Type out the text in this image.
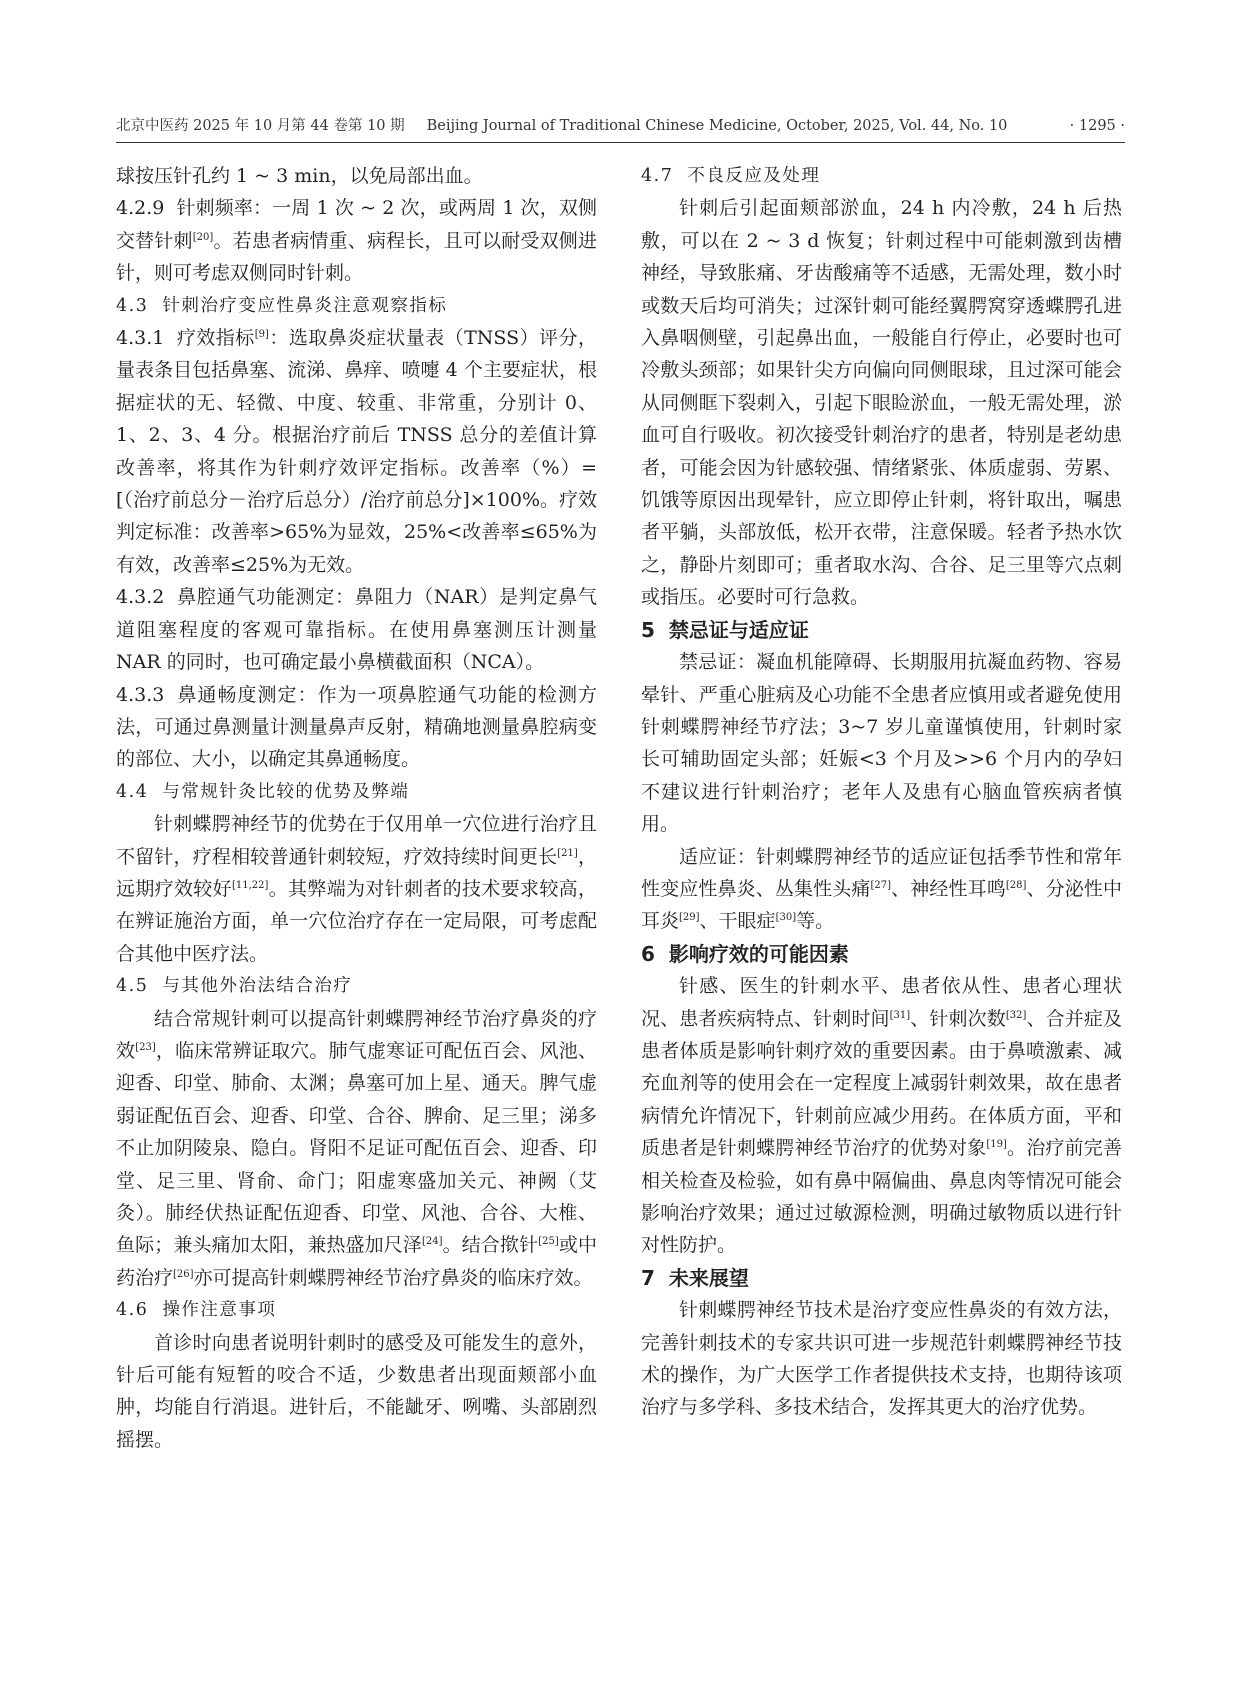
北京中医药 2025 年 10 月第 44 卷第 10 期 Beijing Journal of Traditional Chinese Medicine, October, 2025, Vol. 44, No. 10	· 1295 ·

球按压针孔约 1 ~ 3 min，以免局部出血。

4.2.9 针刺频率：一周 1 次 ~ 2 次，或两周 1 次，双侧交替针刺[20]。若患者病情重、病程长，且可以耐受双侧进针，则可考虑双侧同时针刺。

4.3 针刺治疗变应性鼻炎注意观察指标

4.3.1 疗效指标[9]：选取鼻炎症状量表（TNSS）评分，量表条目包括鼻塞、流涕、鼻痒、喷嚏 4 个主要症状，根据症状的无、轻微、中度、较重、非常重，分别计 0、1、2、3、4 分。根据治疗前后 TNSS 总分的差值计算改善率，将其作为针刺疗效评定指标。改善率（%）=[（治疗前总分－治疗后总分）/治疗前总分]×100%。疗效判定标准：改善率>65%为显效，25%<改善率≤65%为有效，改善率≤25%为无效。

4.3.2 鼻腔通气功能测定：鼻阻力（NAR）是判定鼻气道阻塞程度的客观可靠指标。在使用鼻塞测压计测量 NAR 的同时，也可确定最小鼻横截面积（NCA）。

4.3.3 鼻通畅度测定：作为一项鼻腔通气功能的检测方法，可通过鼻测量计测量鼻声反射，精确地测量鼻腔病变的部位、大小，以确定其鼻通畅度。

4.4 与常规针灸比较的优势及弊端

针刺蝶腭神经节的优势在于仅用单一穴位进行治疗且不留针，疗程相较普通针刺较短，疗效持续时间更长[21]，远期疗效较好[11,22]。其弊端为对针刺者的技术要求较高，在辨证施治方面，单一穴位治疗存在一定局限，可考虑配合其他中医疗法。

4.5 与其他外治法结合治疗

结合常规针刺可以提高针刺蝶腭神经节治疗鼻炎的疗效[23]，临床常辨证取穴。肺气虚寒证可配伍百会、风池、迎香、印堂、肺俞、太渊；鼻塞可加上星、通天。脾气虚弱证配伍百会、迎香、印堂、合谷、脾俞、足三里；涕多不止加阴陵泉、隐白。肾阳不足证可配伍百会、迎香、印堂、足三里、肾俞、命门；阳虚寒盛加关元、神阙（艾灸）。肺经伏热证配伍迎香、印堂、风池、合谷、大椎、鱼际；兼头痛加太阳，兼热盛加尺泽[24]。结合揿针[25]或中药治疗[26]亦可提高针刺蝶腭神经节治疗鼻炎的临床疗效。

4.6 操作注意事项

首诊时向患者说明针刺时的感受及可能发生的意外，针后可能有短暂的咬合不适，少数患者出现面颊部小血肿，均能自行消退。进针后，不能龇牙、咧嘴、头部剧烈摇摆。

4.7 不良反应及处理

针刺后引起面颊部淤血，24 h 内冷敷，24 h 后热敷，可以在 2 ~ 3 d 恢复；针刺过程中可能刺激到齿槽神经，导致胀痛、牙齿酸痛等不适感，无需处理，数小时或数天后均可消失；过深针刺可能经翼腭窝穿透蝶腭孔进入鼻咽侧壁，引起鼻出血，一般能自行停止，必要时也可冷敷头颈部；如果针尖方向偏向同侧眼球，且过深可能会从同侧眶下裂刺入，引起下眼睑淤血，一般无需处理，淤血可自行吸收。初次接受针刺治疗的患者，特别是老幼患者，可能会因为针感较强、情绪紧张、体质虚弱、劳累、饥饿等原因出现晕针，应立即停止针刺，将针取出，嘱患者平躺，头部放低，松开衣带，注意保暖。轻者予热水饮之，静卧片刻即可；重者取水沟、合谷、足三里等穴点刺或指压。必要时可行急救。

5 禁忌证与适应证

禁忌证：凝血机能障碍、长期服用抗凝血药物、容易晕针、严重心脏病及心功能不全患者应慎用或者避免使用针刺蝶腭神经节疗法；3~7 岁儿童谨慎使用，针刺时家长可辅助固定头部；妊娠<3 个月及>>6 个月内的孕妇不建议进行针刺治疗；老年人及患有心脑血管疾病者慎用。

适应证：针刺蝶腭神经节的适应证包括季节性和常年性变应性鼻炎、丛集性头痛[27]、神经性耳鸣[28]、分泌性中耳炎[29]、干眼症[30]等。

6 影响疗效的可能因素

针感、医生的针刺水平、患者依从性、患者心理状况、患者疾病特点、针刺时间[31]、针刺次数[32]、合并症及患者体质是影响针刺疗效的重要因素。由于鼻喷激素、减充血剂等的使用会在一定程度上减弱针刺效果，故在患者病情允许情况下，针刺前应减少用药。在体质方面，平和质患者是针刺蝶腭神经节治疗的优势对象[19]。治疗前完善相关检查及检验，如有鼻中隔偏曲、鼻息肉等情况可能会影响治疗效果；通过过敏源检测，明确过敏物质以进行针对性防护。

7 未来展望

针刺蝶腭神经节技术是治疗变应性鼻炎的有效方法，完善针刺技术的专家共识可进一步规范针刺蝶腭神经节技术的操作，为广大医学工作者提供技术支持，也期待该项治疗与多学科、多技术结合，发挥其更大的治疗优势。
